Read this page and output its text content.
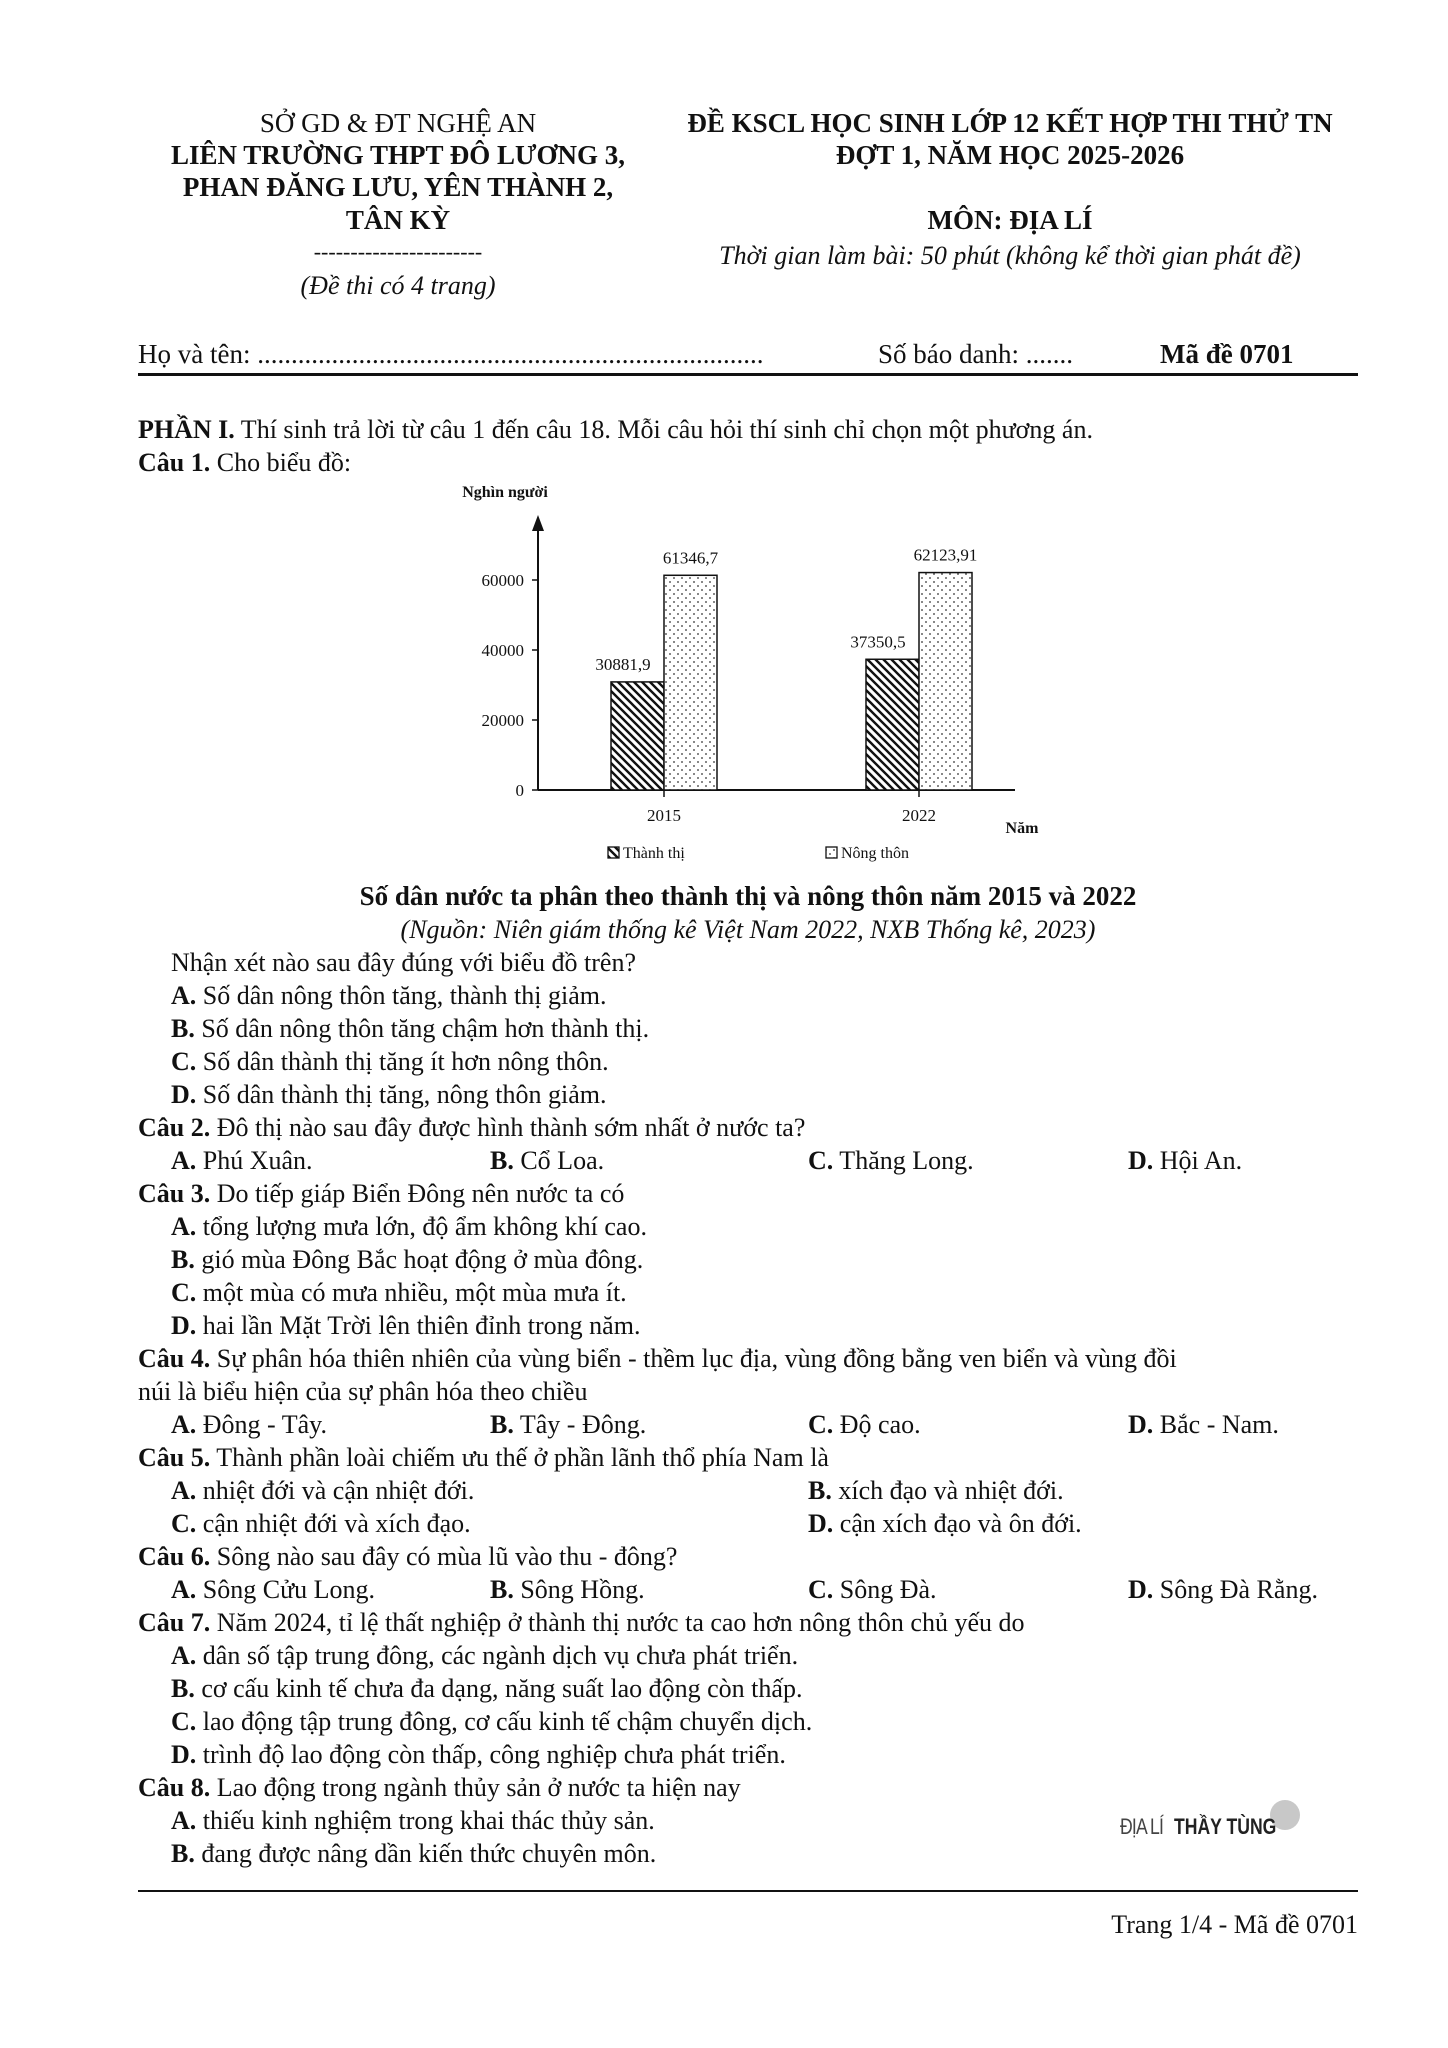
SỞ GD & ĐT NGHỆ AN
LIÊN TRƯỜNG THPT ĐÔ LƯƠNG 3,
PHAN ĐĂNG LƯU, YÊN THÀNH 2,
TÂN KỲ
-----------------------
(Đề thi có 4 trang)
ĐỀ KSCL HỌC SINH LỚP 12 KẾT HỢP THI THỬ TN
ĐỢT 1, NĂM HỌC 2025-2026
MÔN: ĐỊA LÍ
Thời gian làm bài: 50 phút (không kể thời gian phát đề)
Họ và tên: ...........................................................................	Số báo danh: .......	Mã đề 0701
PHẦN I. Thí sinh trả lời từ câu 1 đến câu 18. Mỗi câu hỏi thí sinh chỉ chọn một phương án.
Câu 1. Cho biểu đồ:
0
20000
40000
60000
Nghìn người
Năm
30881,9
61346,7
2015
37350,5
62123,91
2022
Thành thị	Nông thôn
Số dân nước ta phân theo thành thị và nông thôn năm 2015 và 2022
(Nguồn: Niên giám thống kê Việt Nam 2022, NXB Thống kê, 2023)
Nhận xét nào sau đây đúng với biểu đồ trên?
A. Số dân nông thôn tăng, thành thị giảm.
B. Số dân nông thôn tăng chậm hơn thành thị.
C. Số dân thành thị tăng ít hơn nông thôn.
D. Số dân thành thị tăng, nông thôn giảm.
Câu 2. Đô thị nào sau đây được hình thành sớm nhất ở nước ta?
A. Phú Xuân.	B. Cổ Loa.	C. Thăng Long.	D. Hội An.
Câu 3. Do tiếp giáp Biển Đông nên nước ta có
A. tổng lượng mưa lớn, độ ẩm không khí cao.
B. gió mùa Đông Bắc hoạt động ở mùa đông.
C. một mùa có mưa nhiều, một mùa mưa ít.
D. hai lần Mặt Trời lên thiên đỉnh trong năm.
Câu 4. Sự phân hóa thiên nhiên của vùng biển - thềm lục địa, vùng đồng bằng ven biển và vùng đồi
núi là biểu hiện của sự phân hóa theo chiều
A. Đông - Tây.	B. Tây - Đông.	C. Độ cao.	D. Bắc - Nam.
Câu 5. Thành phần loài chiếm ưu thế ở phần lãnh thổ phía Nam là
A. nhiệt đới và cận nhiệt đới.	B. xích đạo và nhiệt đới.
C. cận nhiệt đới và xích đạo.	D. cận xích đạo và ôn đới.
Câu 6. Sông nào sau đây có mùa lũ vào thu - đông?
A. Sông Cửu Long.	B. Sông Hồng.	C. Sông Đà.	D. Sông Đà Rằng.
Câu 7. Năm 2024, tỉ lệ thất nghiệp ở thành thị nước ta cao hơn nông thôn chủ yếu do
A. dân số tập trung đông, các ngành dịch vụ chưa phát triển.
B. cơ cấu kinh tế chưa đa dạng, năng suất lao động còn thấp.
C. lao động tập trung đông, cơ cấu kinh tế chậm chuyển dịch.
D. trình độ lao động còn thấp, công nghiệp chưa phát triển.
Câu 8. Lao động trong ngành thủy sản ở nước ta hiện nay
A. thiếu kinh nghiệm trong khai thác thủy sản.
B. đang được nâng dần kiến thức chuyên môn.
ĐỊA LÍ THẦY TÙNG
Trang 1/4 - Mã đề 0701
